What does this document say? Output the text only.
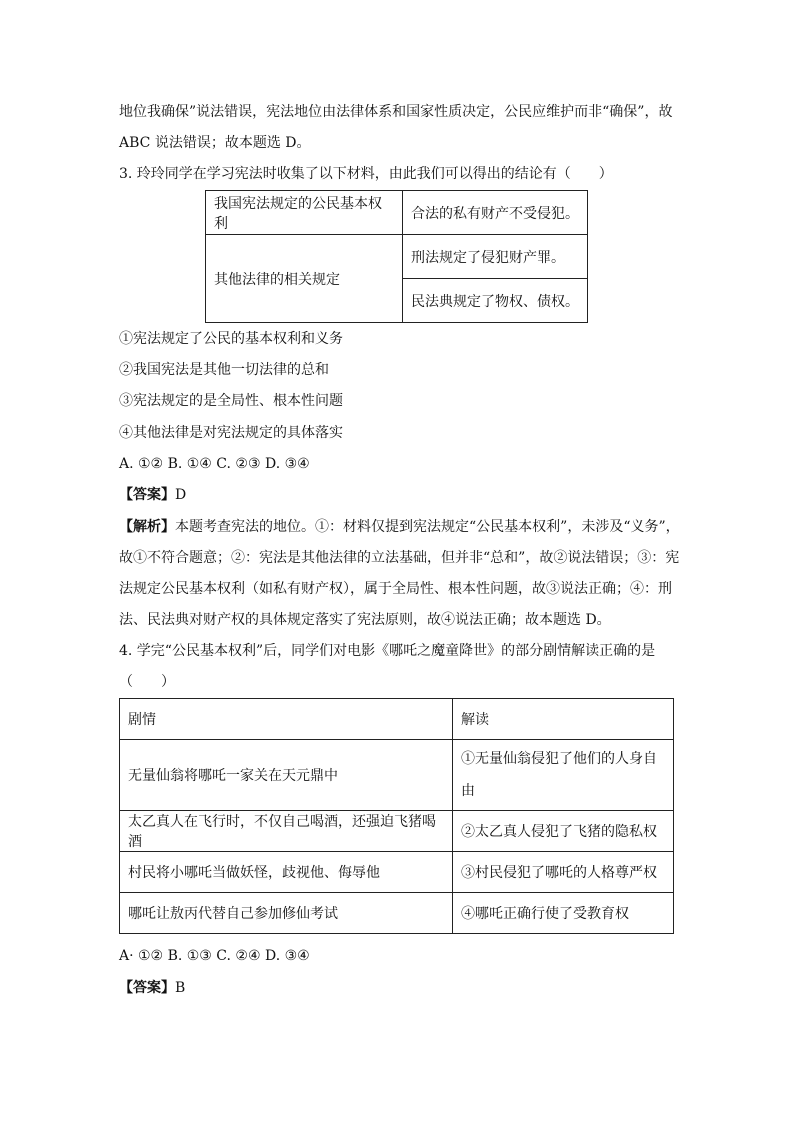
地位我确保”说法错误，宪法地位由法律体系和国家性质决定，公民应维护而非“确保”，故
ABC 说法错误；故本题选 D。
3. 玲玲同学在学习宪法时收集了以下材料，由此我们可以得出的结论有（　　）
我国宪法规定的公民基本权利	合法的私有财产不受侵犯。
其他法律的相关规定	刑法规定了侵犯财产罪。
	民法典规定了物权、债权。
①宪法规定了公民的基本权利和义务
②我国宪法是其他一切法律的总和
③宪法规定的是全局性、根本性问题
④其他法律是对宪法规定的具体落实
A. ①② B. ①④ C. ②③ D. ③④
【答案】D
【解析】本题考查宪法的地位。①：材料仅提到宪法规定“公民基本权利”，未涉及“义务”，
故①不符合题意；②：宪法是其他法律的立法基础，但并非“总和”，故②说法错误；③：宪
法规定公民基本权利（如私有财产权），属于全局性、根本性问题，故③说法正确；④：刑
法、民法典对财产权的具体规定落实了宪法原则，故④说法正确；故本题选 D。
4. 学完“公民基本权利”后，同学们对电影《哪吒之魔童降世》的部分剧情解读正确的是
（　　）
剧情	解读
无量仙翁将哪吒一家关在天元鼎中	①无量仙翁侵犯了他们的人身自由
太乙真人在飞行时，不仅自己喝酒，还强迫飞猪喝酒	②太乙真人侵犯了飞猪的隐私权
村民将小哪吒当做妖怪，歧视他、侮辱他	③村民侵犯了哪吒的人格尊严权
哪吒让敖丙代替自己参加修仙考试	④哪吒正确行使了受教育权
A· ①② B. ①③ C. ②④ D. ③④
【答案】B
